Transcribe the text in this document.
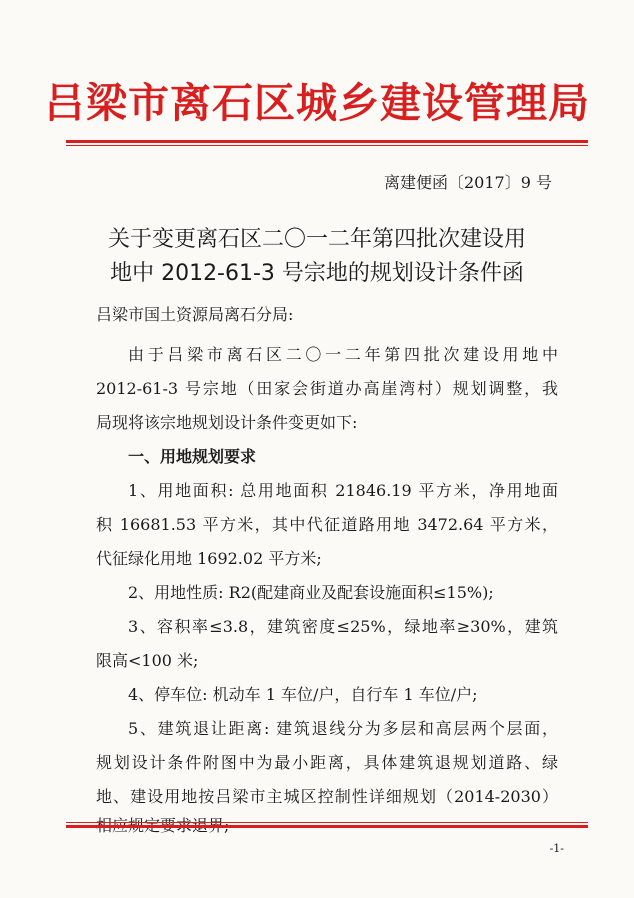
吕梁市离石区城乡建设管理局
离建便函〔2017〕9 号
关于变更离石区二〇一二年第四批次建设用
地中 2012-61-3 号宗地的规划设计条件函
吕梁市国土资源局离石分局:
由于吕梁市离石区二〇一二年第四批次建设用地中
2012-61-3 号宗地（田家会街道办高崖湾村）规划调整，我
局现将该宗地规划设计条件变更如下:
一、用地规划要求
1、用地面积: 总用地面积 21846.19 平方米，净用地面
积 16681.53 平方米，其中代征道路用地 3472.64 平方米，
代征绿化用地 1692.02 平方米;
2、用地性质: R2(配建商业及配套设施面积≤15%);
3、容积率≤3.8，建筑密度≤25%，绿地率≥30%，建筑
限高<100 米;
4、停车位: 机动车 1 车位/户，自行车 1 车位/户;
5、建筑退让距离: 建筑退线分为多层和高层两个层面，
规划设计条件附图中为最小距离，具体建筑退规划道路、绿
地、建设用地按吕梁市主城区控制性详细规划（2014-2030）
-1-
